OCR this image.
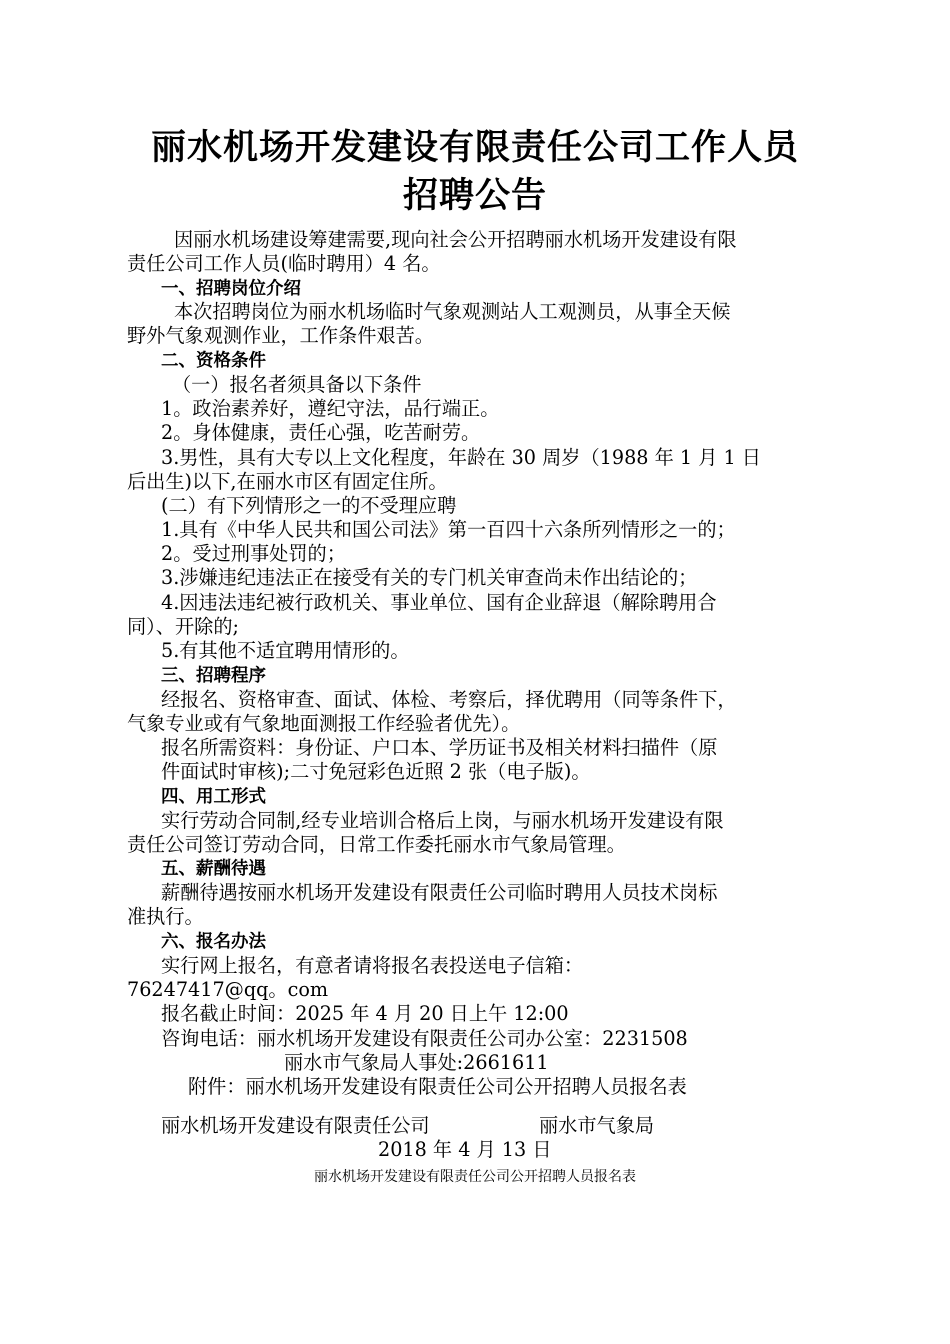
丽水机场开发建设有限责任公司工作人员
招聘公告
因丽水机场建设筹建需要,现向社会公开招聘丽水机场开发建设有限
责任公司工作人员(临时聘用）4 名。
一、招聘岗位介绍
本次招聘岗位为丽水机场临时气象观测站人工观测员，从事全天候
野外气象观测作业，工作条件艰苦。
二、资格条件
（一）报名者须具备以下条件
1。政治素养好，遵纪守法，品行端正。
2。身体健康，责任心强，吃苦耐劳。
3.男性，具有大专以上文化程度，年龄在 30 周岁（1988 年 1 月 1 日
后出生)以下,在丽水市区有固定住所。
(二）有下列情形之一的不受理应聘
1.具有《中华人民共和国公司法》第一百四十六条所列情形之一的；
2。受过刑事处罚的；
3.涉嫌违纪违法正在接受有关的专门机关审查尚未作出结论的；
4.因违法违纪被行政机关、事业单位、国有企业辞退（解除聘用合
同）、开除的;
5.有其他不适宜聘用情形的。
三、招聘程序
经报名、资格审查、面试、体检、考察后，择优聘用（同等条件下，
气象专业或有气象地面测报工作经验者优先）。
报名所需资料：身份证、户口本、学历证书及相关材料扫描件（原
件面试时审核);二寸免冠彩色近照 2 张（电子版)。
四、用工形式
实行劳动合同制,经专业培训合格后上岗，与丽水机场开发建设有限
责任公司签订劳动合同，日常工作委托丽水市气象局管理。
五、薪酬待遇
薪酬待遇按丽水机场开发建设有限责任公司临时聘用人员技术岗标
准执行。
六、报名办法
实行网上报名，有意者请将报名表投送电子信箱：
76247417@qq。com
报名截止时间：2025 年 4 月 20 日上午 12:00
咨询电话：丽水机场开发建设有限责任公司办公室：2231508
丽水市气象局人事处:2661611
附件：丽水机场开发建设有限责任公司公开招聘人员报名表
丽水机场开发建设有限责任公司	丽水市气象局
2018 年 4 月 13 日
丽水机场开发建设有限责任公司公开招聘人员报名表
